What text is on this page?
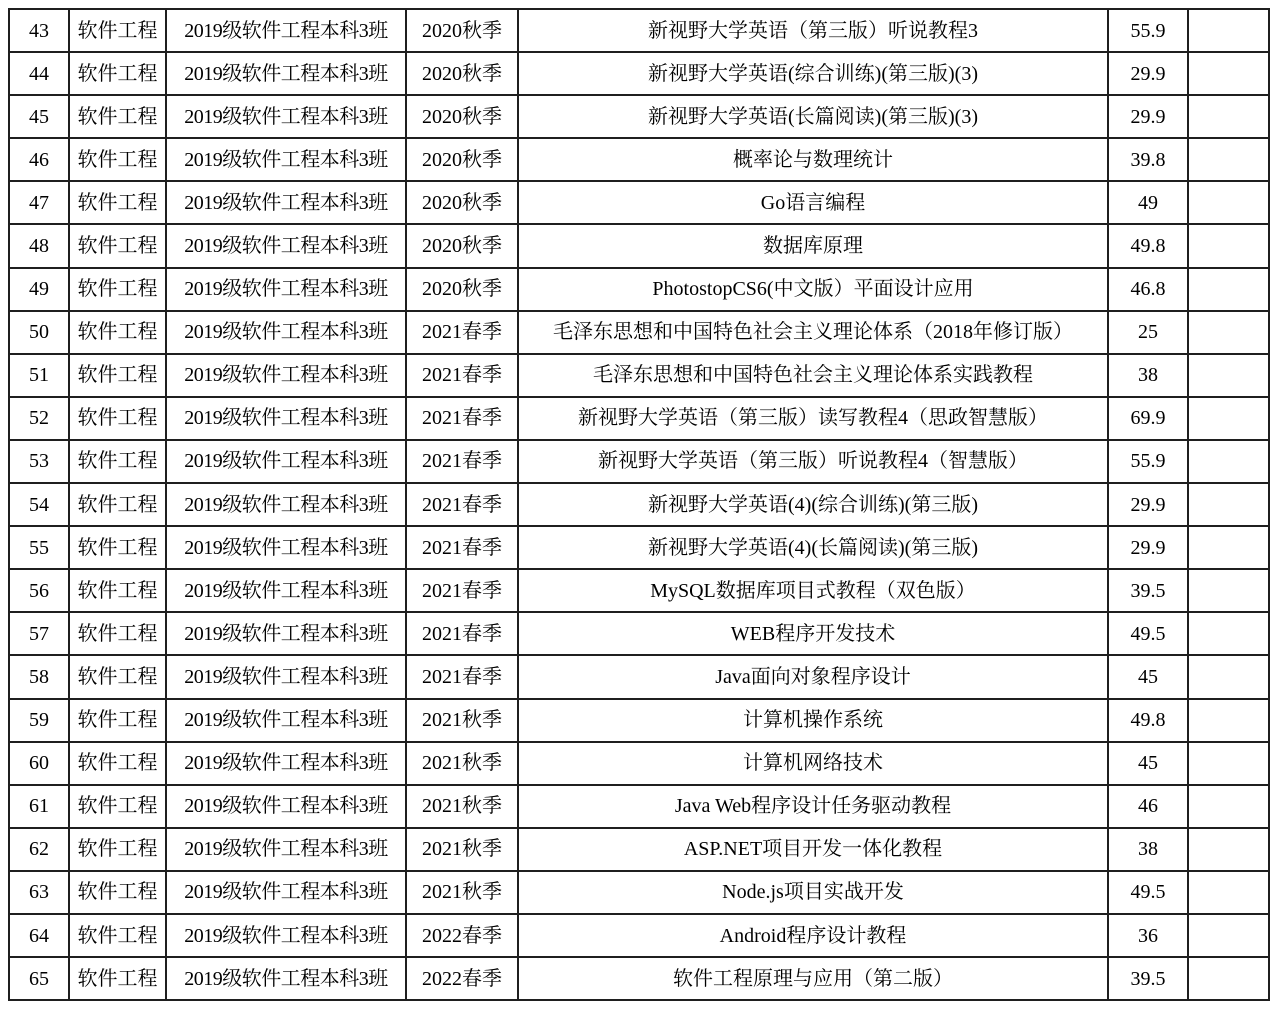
43	软件工程	2019级软件工程本科3班	2020秋季	新视野大学英语（第三版）听说教程3	55.9	
44	软件工程	2019级软件工程本科3班	2020秋季	新视野大学英语(综合训练)(第三版)(3)	29.9	
45	软件工程	2019级软件工程本科3班	2020秋季	新视野大学英语(长篇阅读)(第三版)(3)	29.9	
46	软件工程	2019级软件工程本科3班	2020秋季	概率论与数理统计	39.8	
47	软件工程	2019级软件工程本科3班	2020秋季	Go语言编程	49	
48	软件工程	2019级软件工程本科3班	2020秋季	数据库原理	49.8	
49	软件工程	2019级软件工程本科3班	2020秋季	PhotostopCS6(中文版）平面设计应用	46.8	
50	软件工程	2019级软件工程本科3班	2021春季	毛泽东思想和中国特色社会主义理论体系（2018年修订版）	25	
51	软件工程	2019级软件工程本科3班	2021春季	毛泽东思想和中国特色社会主义理论体系实践教程	38	
52	软件工程	2019级软件工程本科3班	2021春季	新视野大学英语（第三版）读写教程4（思政智慧版）	69.9	
53	软件工程	2019级软件工程本科3班	2021春季	新视野大学英语（第三版）听说教程4（智慧版）	55.9	
54	软件工程	2019级软件工程本科3班	2021春季	新视野大学英语(4)(综合训练)(第三版)	29.9	
55	软件工程	2019级软件工程本科3班	2021春季	新视野大学英语(4)(长篇阅读)(第三版)	29.9	
56	软件工程	2019级软件工程本科3班	2021春季	MySQL数据库项目式教程（双色版）	39.5	
57	软件工程	2019级软件工程本科3班	2021春季	WEB程序开发技术	49.5	
58	软件工程	2019级软件工程本科3班	2021春季	Java面向对象程序设计	45	
59	软件工程	2019级软件工程本科3班	2021秋季	计算机操作系统	49.8	
60	软件工程	2019级软件工程本科3班	2021秋季	计算机网络技术	45	
61	软件工程	2019级软件工程本科3班	2021秋季	Java Web程序设计任务驱动教程	46	
62	软件工程	2019级软件工程本科3班	2021秋季	ASP.NET项目开发一体化教程	38	
63	软件工程	2019级软件工程本科3班	2021秋季	Node.js项目实战开发	49.5	
64	软件工程	2019级软件工程本科3班	2022春季	Android程序设计教程	36	
65	软件工程	2019级软件工程本科3班	2022春季	软件工程原理与应用（第二版）	39.5	
